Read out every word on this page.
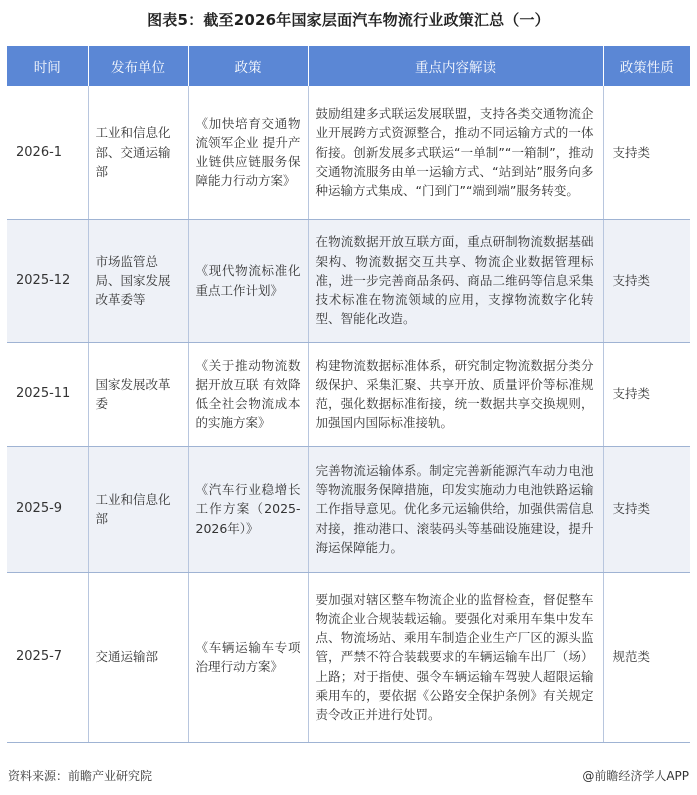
图表5：截至2026年国家层面汽车物流行业政策汇总（一）
时间	发布单位	政策	重点内容解读	政策性质
2026-1	工业和信息化部、交通运输部	《加快培育交通物流领军企业 提升产业链供应链服务保障能力行动方案》	鼓励组建多式联运发展联盟，支持各类交通物流企业开展跨方式资源整合，推动不同运输方式的一体衔接。创新发展多式联运“一单制”“一箱制”，推动交通物流服务由单一运输方式、“站到站”服务向多种运输方式集成、“门到门”“端到端”服务转变。	支持类
2025-12	市场监管总局、国家发展改革委等	《现代物流标准化重点工作计划》	在物流数据开放互联方面，重点研制物流数据基础架构、物流数据交互共享、物流企业数据管理标准，进一步完善商品条码、商品二维码等信息采集技术标准在物流领域的应用，支撑物流数字化转型、智能化改造。	支持类
2025-11	国家发展改革委	《关于推动物流数据开放互联 有效降低全社会物流成本的实施方案》	构建物流数据标准体系，研究制定物流数据分类分级保护、采集汇聚、共享开放、质量评价等标准规范，强化数据标准衔接，统一数据共享交换规则，加强国内国际标准接轨。	支持类
2025-9	工业和信息化部	《汽车行业稳增长工作方案（2025-2026年）》	完善物流运输体系。制定完善新能源汽车动力电池等物流服务保障措施，印发实施动力电池铁路运输工作指导意见。优化多元运输供给，加强供需信息对接，推动港口、滚装码头等基础设施建设，提升海运保障能力。	支持类
2025-7	交通运输部	《车辆运输车专项治理行动方案》	要加强对辖区整车物流企业的监督检查，督促整车物流企业合规装载运输。要强化对乘用车集中发车点、物流场站、乘用车制造企业生产厂区的源头监管，严禁不符合装载要求的车辆运输车出厂（场）上路；对于指使、强令车辆运输车驾驶人超限运输乘用车的，要依据《公路安全保护条例》有关规定责令改正并进行处罚。	规范类
资料来源：前瞻产业研究院	@前瞻经济学人APP
